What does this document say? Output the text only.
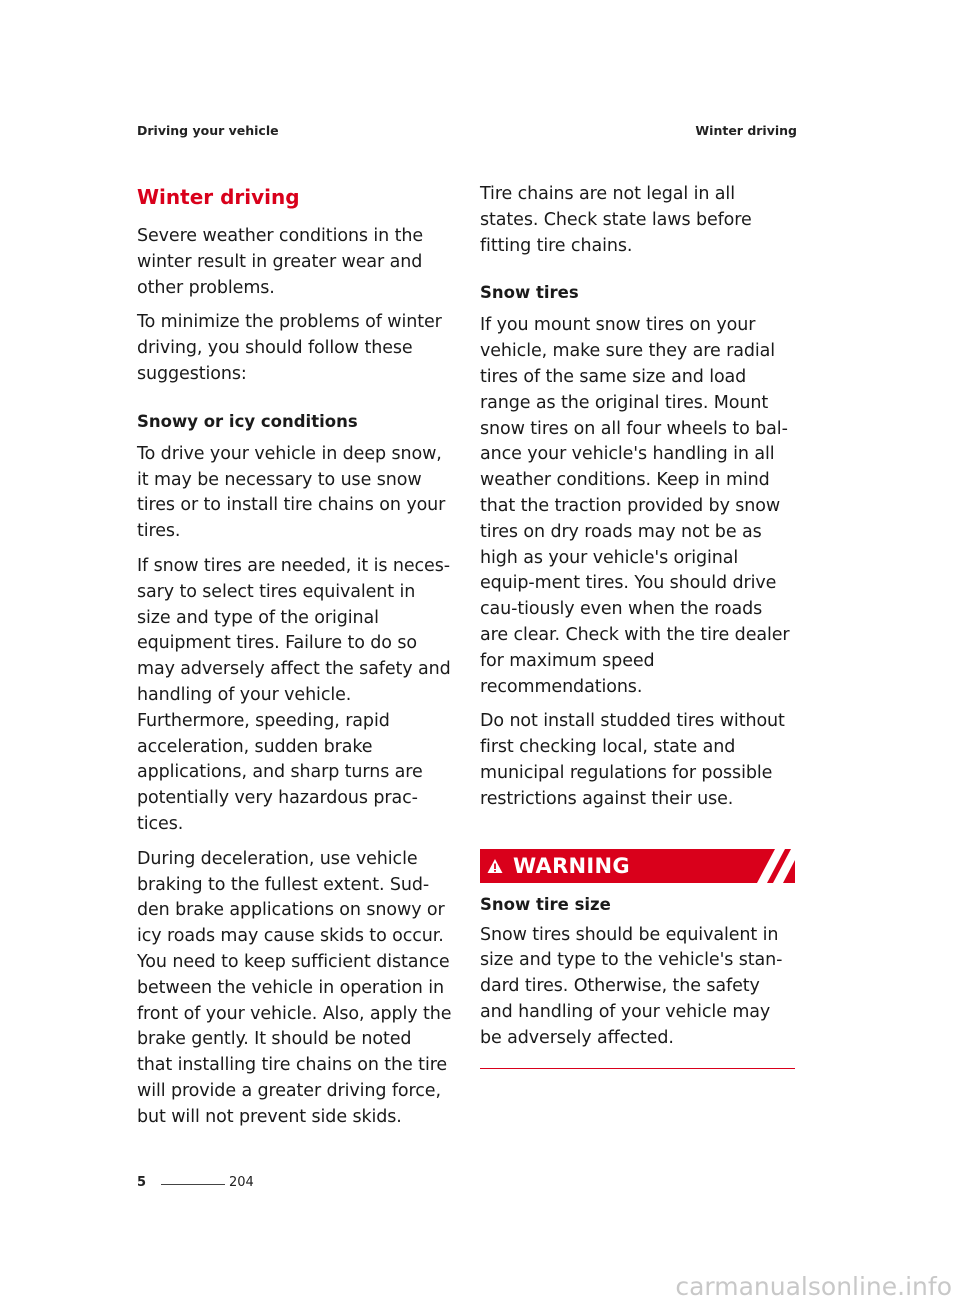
Driving your vehicle	Winter driving
Winter driving

Severe weather conditions in the winter result in greater wear and other problems.

To minimize the problems of winter driving, you should follow these suggestions:

Snowy or icy conditions

To drive your vehicle in deep snow, it may be necessary to use snow tires or to install tire chains on your tires.

If snow tires are needed, it is neces-sary to select tires equivalent in size and type of the original equipment tires. Failure to do so may adversely affect the safety and handling of your vehicle. Furthermore, speeding, rapid acceleration, sudden brake applications, and sharp turns are potentially very hazardous prac-tices.

During deceleration, use vehicle braking to the fullest extent. Sud-den brake applications on snowy or icy roads may cause skids to occur. You need to keep sufficient distance between the vehicle in operation in front of your vehicle. Also, apply the brake gently. It should be noted that installing tire chains on the tire will provide a greater driving force, but will not prevent side skids.

Tire chains are not legal in all states. Check state laws before fitting tire chains.

Snow tires

If you mount snow tires on your vehicle, make sure they are radial tires of the same size and load range as the original tires. Mount snow tires on all four wheels to bal-ance your vehicle's handling in all weather conditions. Keep in mind that the traction provided by snow tires on dry roads may not be as high as your vehicle's original equip-ment tires. You should drive cau-tiously even when the roads are clear. Check with the tire dealer for maximum speed recommendations.

Do not install studded tires without first checking local, state and municipal regulations for possible restrictions against their use.

WARNING
Snow tire size

Snow tires should be equivalent in size and type to the vehicle's stan-dard tires. Otherwise, the safety and handling of your vehicle may be adversely affected.

5	204
carmanualsonline.info
